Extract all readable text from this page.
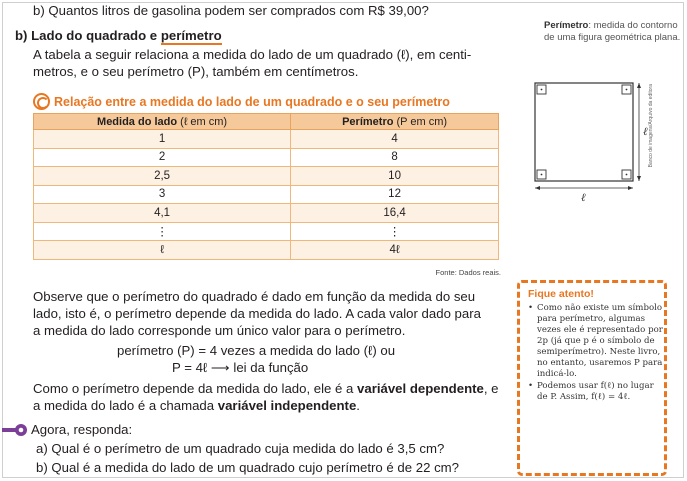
b) Quantos litros de gasolina podem ser comprados com R$ 39,00?
b) Lado do quadrado e perímetro
A tabela a seguir relaciona a medida do lado de um quadrado (ℓ), em centi-
metros, e o seu perímetro (P), também em centímetros.
Relação entre a medida do lado de um quadrado e o seu perímetro
Medida do lado (ℓ em cm)	Perímetro (P em cm)
1	4
2	8
2,5	10
3	12
4,1	16,4
⋮	⋮
ℓ	4ℓ
Fonte: Dados reais.
Observe que o perímetro do quadrado é dado em função da medida do seu
lado, isto é, o perímetro depende da medida do lado. A cada valor dado para
a medida do lado corresponde um único valor para o perímetro.
perímetro (P) = 4 vezes a medida do lado (ℓ) ou
P = 4ℓ ⟶ lei da função
Como o perímetro depende da medida do lado, ele é a variável dependente, e
a medida do lado é a chamada variável independente.
Agora, responda:
a) Qual é o perímetro de um quadrado cuja medida do lado é 3,5 cm?
b) Qual é a medida do lado de um quadrado cujo perímetro é de 22 cm?
Perímetro: medida do contorno de uma figura geométrica plana.
ℓ
ℓ
Banco de imagens/Arquivo da editora
Fique atento!
• Como não existe um símbolo para perímetro, algumas vezes ele é representado por 2p (já que p é o símbolo de semiperímetro). Neste livro, no entanto, usaremos P para indicá-lo.
• Podemos usar f(ℓ) no lugar de P. Assim, f(ℓ) = 4ℓ.
